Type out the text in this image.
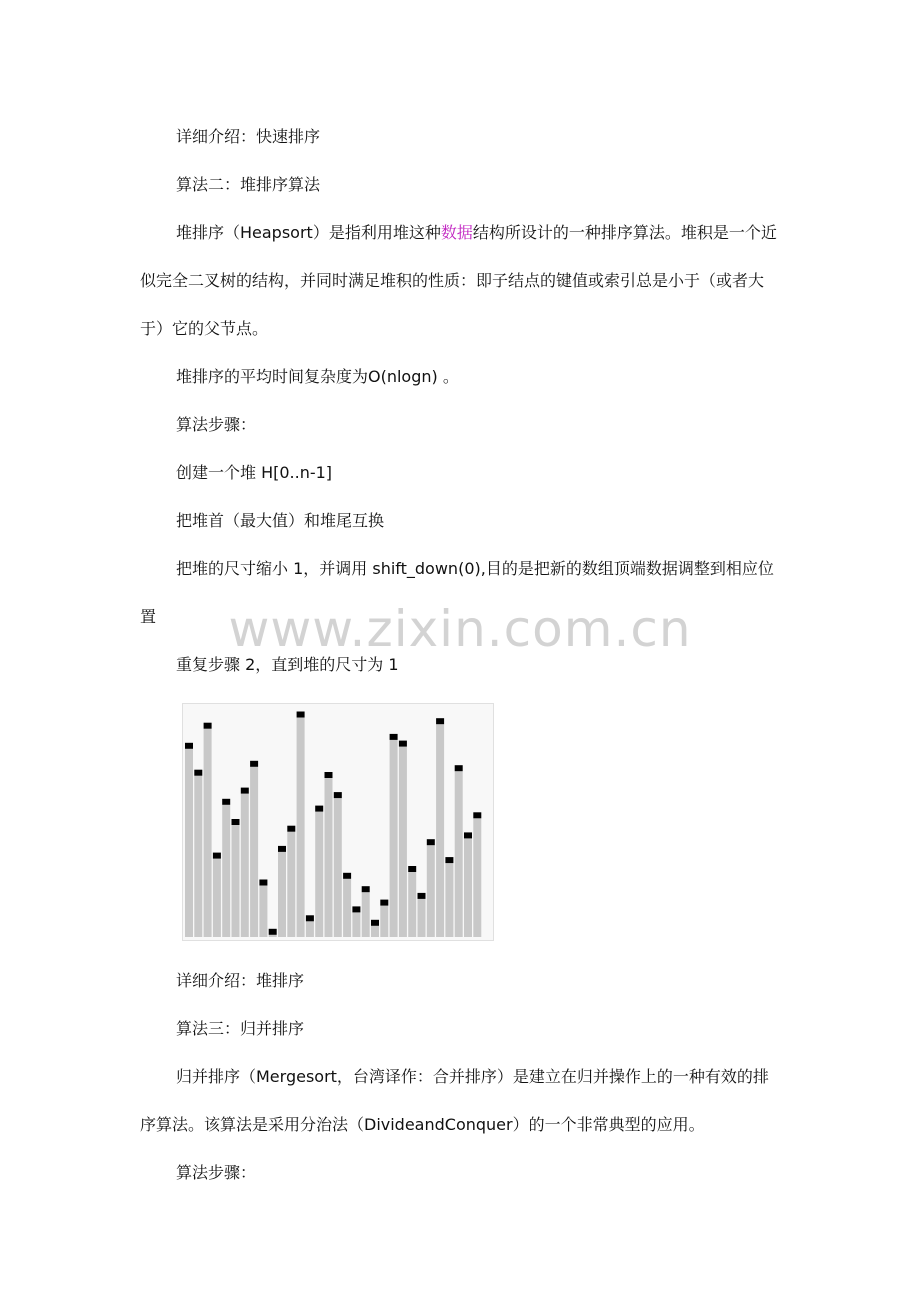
详细介绍：快速排序

算法二：堆排序算法

堆排序（Heapsort）是指利用堆这种数据结构所设计的一种排序算法。堆积是一个近似完全二叉树的结构，并同时满足堆积的性质：即子结点的键值或索引总是小于（或者大于）它的父节点。

堆排序的平均时间复杂度为O(nlogn) 。

算法步骤：

创建一个堆 H[0..n-1]

把堆首（最大值）和堆尾互换

把堆的尺寸缩小 1，并调用 shift_down(0),目的是把新的数组顶端数据调整到相应位置

重复步骤 2，直到堆的尺寸为 1

www.zixin.com.cn

详细介绍：堆排序

算法三：归并排序

归并排序（Mergesort，台湾译作：合并排序）是建立在归并操作上的一种有效的排序算法。该算法是采用分治法（DivideandConquer）的一个非常典型的应用。

算法步骤：
